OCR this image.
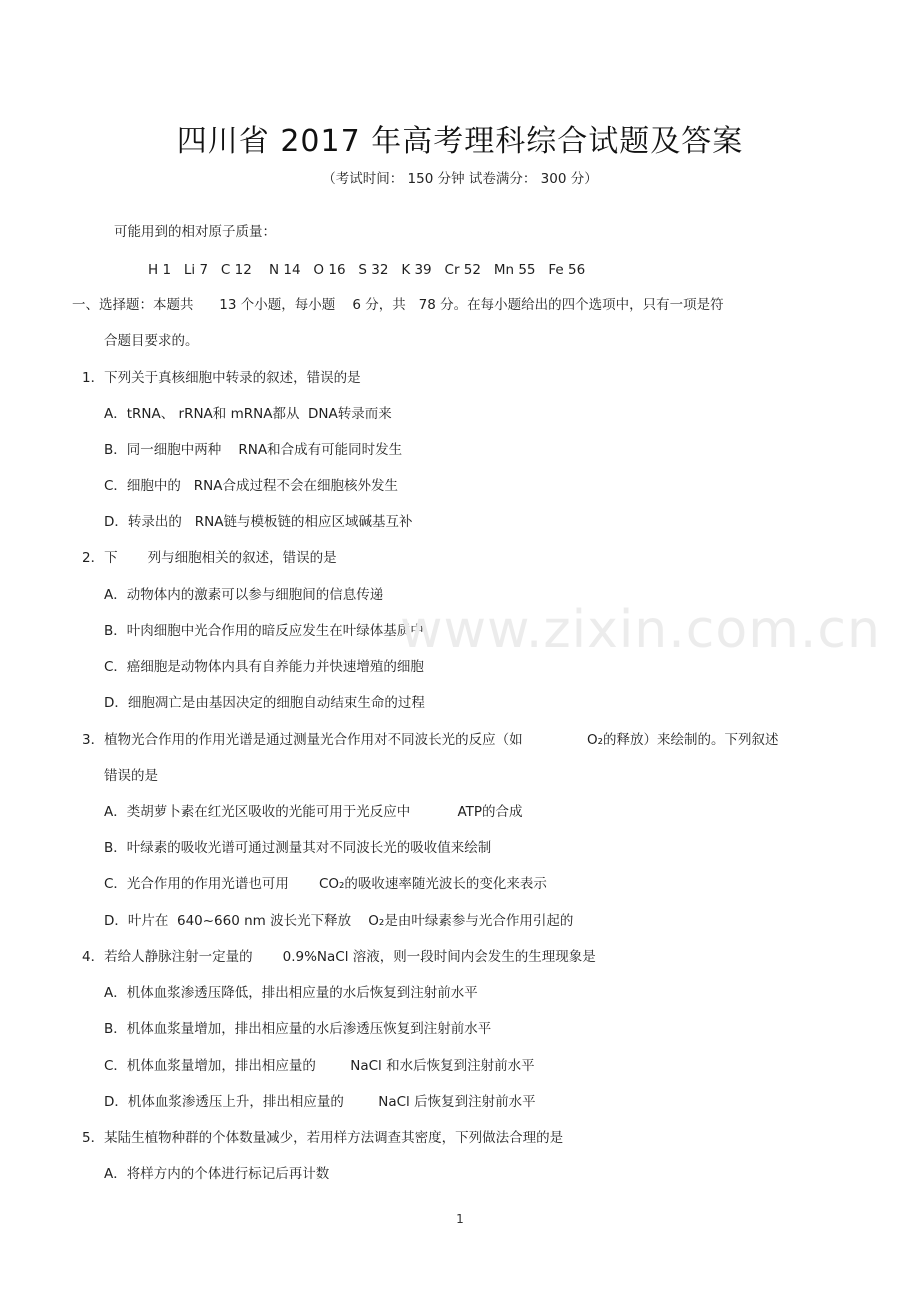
四川省 2017 年高考理科综合试题及答案
（考试时间： 150 分钟 试卷满分： 300 分）
可能用到的相对原子质量：
H 1   Li 7   C 12    N 14   O 16   S 32   K 39   Cr 52   Mn 55   Fe 56
一、选择题：本题共      13 个小题，每小题    6 分，共   78 分。在每小题给出的四个选项中，只有一项是符
合题目要求的。
1．下列关于真核细胞中转录的叙述，错误的是
A．tRNA、 rRNA和 mRNA都从  DNA转录而来
B．同一细胞中两种    RNA和合成有可能同时发生
C．细胞中的   RNA合成过程不会在细胞核外发生
D．转录出的   RNA链与模板链的相应区域碱基互补
2．下       列与细胞相关的叙述，错误的是
A．动物体内的激素可以参与细胞间的信息传递
B．叶肉细胞中光合作用的暗反应发生在叶绿体基质中
C．癌细胞是动物体内具有自养能力并快速增殖的细胞
D．细胞凋亡是由基因决定的细胞自动结束生命的过程
3．植物光合作用的作用光谱是通过测量光合作用对不同波长光的反应（如               O₂的释放）来绘制的。下列叙述
错误的是
A．类胡萝卜素在红光区吸收的光能可用于光反应中           ATP的合成
B．叶绿素的吸收光谱可通过测量其对不同波长光的吸收值来绘制
C．光合作用的作用光谱也可用       CO₂的吸收速率随光波长的变化来表示
D．叶片在  640~660 nm 波长光下释放    O₂是由叶绿素参与光合作用引起的
4．若给人静脉注射一定量的       0.9%NaCl 溶液，则一段时间内会发生的生理现象是
A．机体血浆渗透压降低，排出相应量的水后恢复到注射前水平
B．机体血浆量增加，排出相应量的水后渗透压恢复到注射前水平
C．机体血浆量增加，排出相应量的        NaCl 和水后恢复到注射前水平
D．机体血浆渗透压上升，排出相应量的        NaCl 后恢复到注射前水平
5．某陆生植物种群的个体数量减少，若用样方法调查其密度，下列做法合理的是
A．将样方内的个体进行标记后再计数
www.zixin.com.cn
1
